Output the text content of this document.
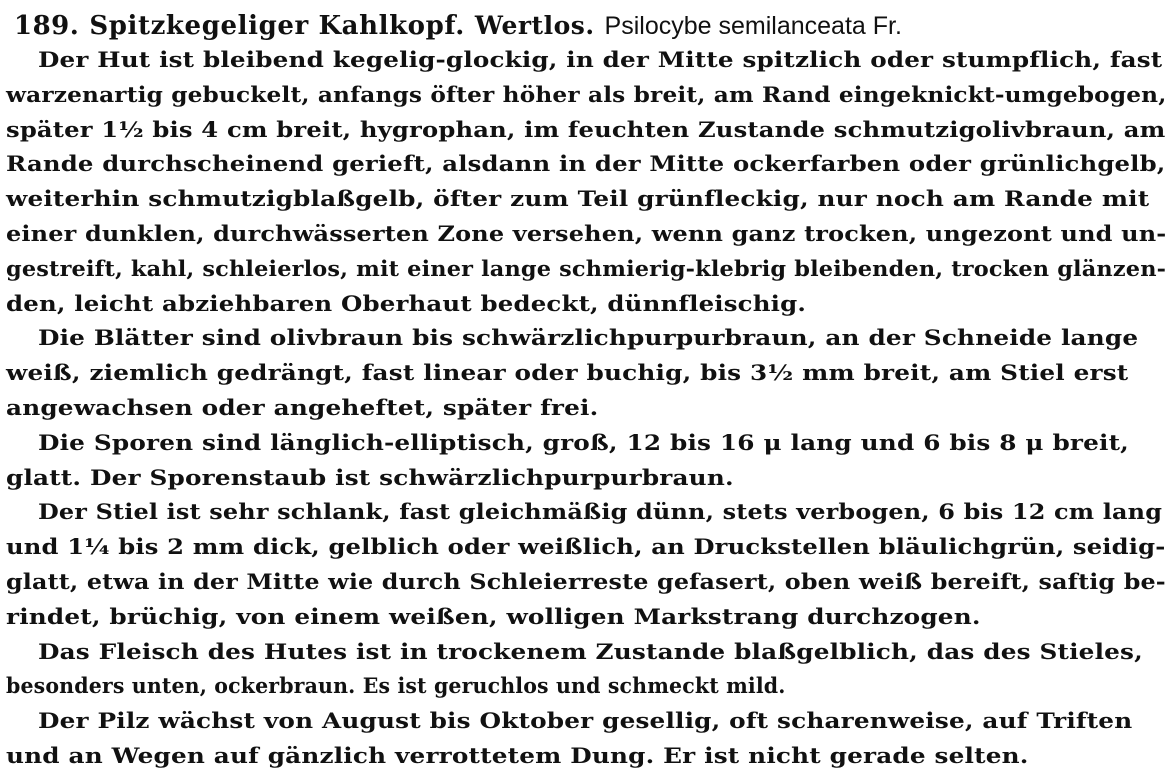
189. Spitzkegeliger Kahlkopf. Wertlos. Psilocybe semilanceata Fr.
Der Hut ist bleibend kegelig-glockig, in der Mitte spitzlich oder stumpflich, fast
warzenartig gebuckelt, anfangs öfter höher als breit, am Rand eingeknickt-umgebogen,
später 1½ bis 4 cm breit, hygrophan, im feuchten Zustande schmutzigolivbraun, am
Rande durchscheinend gerieft, alsdann in der Mitte ockerfarben oder grünlichgelb,
weiterhin schmutzigblaßgelb, öfter zum Teil grünfleckig, nur noch am Rande mit
einer dunklen, durchwässerten Zone versehen, wenn ganz trocken, ungezont und un-
gestreift, kahl, schleierlos, mit einer lange schmierig-klebrig bleibenden, trocken glänzen-
den, leicht abziehbaren Oberhaut bedeckt, dünnfleischig.
Die Blätter sind olivbraun bis schwärzlichpurpurbraun, an der Schneide lange
weiß, ziemlich gedrängt, fast linear oder buchig, bis 3½ mm breit, am Stiel erst
angewachsen oder angeheftet, später frei.
Die Sporen sind länglich-elliptisch, groß, 12 bis 16 μ lang und 6 bis 8 μ breit,
glatt. Der Sporenstaub ist schwärzlichpurpurbraun.
Der Stiel ist sehr schlank, fast gleichmäßig dünn, stets verbogen, 6 bis 12 cm lang
und 1¼ bis 2 mm dick, gelblich oder weißlich, an Druckstellen bläulichgrün, seidig-
glatt, etwa in der Mitte wie durch Schleierreste gefasert, oben weiß bereift, saftig be-
rindet, brüchig, von einem weißen, wolligen Markstrang durchzogen.
Das Fleisch des Hutes ist in trockenem Zustande blaßgelblich, das des Stieles,
besonders unten, ockerbraun. Es ist geruchlos und schmeckt mild.
Der Pilz wächst von August bis Oktober gesellig, oft scharenweise, auf Triften
und an Wegen auf gänzlich verrottetem Dung. Er ist nicht gerade selten.
